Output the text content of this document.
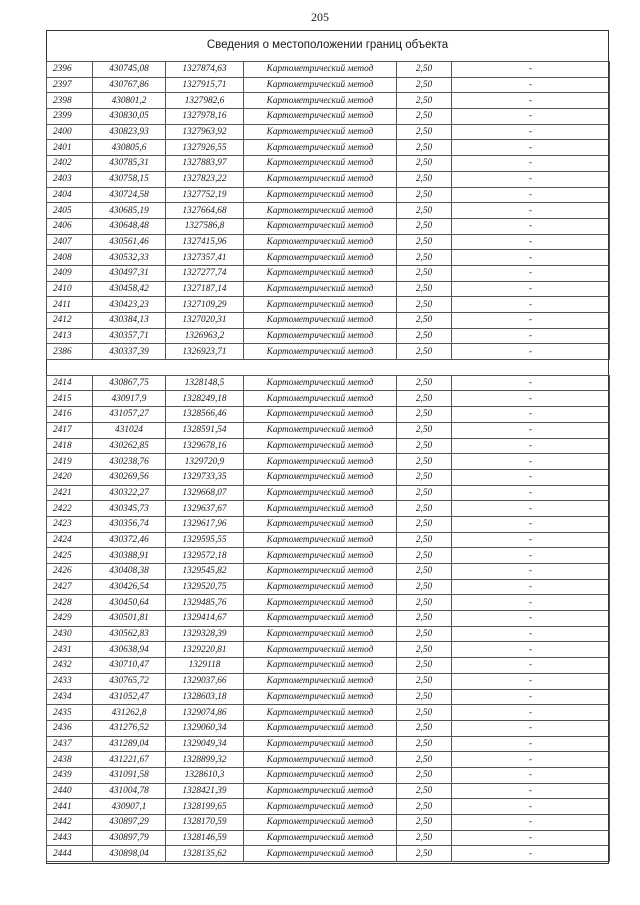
205
Сведения о местоположении границ объекта
2396	430745,08	1327874,63	Картометрический метод	2,50	-
2397	430767,86	1327915,71	Картометрический метод	2,50	-
2398	430801,2	1327982,6	Картометрический метод	2,50	-
2399	430830,05	1327978,16	Картометрический метод	2,50	-
2400	430823,93	1327963,92	Картометрический метод	2,50	-
2401	430805,6	1327926,55	Картометрический метод	2,50	-
2402	430785,31	1327883,97	Картометрический метод	2,50	-
2403	430758,15	1327823,22	Картометрический метод	2,50	-
2404	430724,58	1327752,19	Картометрический метод	2,50	-
2405	430685,19	1327664,68	Картометрический метод	2,50	-
2406	430648,48	1327586,8	Картометрический метод	2,50	-
2407	430561,46	1327415,96	Картометрический метод	2,50	-
2408	430532,33	1327357,41	Картометрический метод	2,50	-
2409	430497,31	1327277,74	Картометрический метод	2,50	-
2410	430458,42	1327187,14	Картометрический метод	2,50	-
2411	430423,23	1327109,29	Картометрический метод	2,50	-
2412	430384,13	1327020,31	Картометрический метод	2,50	-
2413	430357,71	1326963,2	Картометрический метод	2,50	-
2386	430337,39	1326923,71	Картометрический метод	2,50	-

2414	430867,75	1328148,5	Картометрический метод	2,50	-
2415	430917,9	1328249,18	Картометрический метод	2,50	-
2416	431057,27	1328566,46	Картометрический метод	2,50	-
2417	431024	1328591,54	Картометрический метод	2,50	-
2418	430262,85	1329678,16	Картометрический метод	2,50	-
2419	430238,76	1329720,9	Картометрический метод	2,50	-
2420	430269,56	1329733,35	Картометрический метод	2,50	-
2421	430322,27	1329668,07	Картометрический метод	2,50	-
2422	430345,73	1329637,67	Картометрический метод	2,50	-
2423	430356,74	1329617,96	Картометрический метод	2,50	-
2424	430372,46	1329595,55	Картометрический метод	2,50	-
2425	430388,91	1329572,18	Картометрический метод	2,50	-
2426	430408,38	1329545,82	Картометрический метод	2,50	-
2427	430426,54	1329520,75	Картометрический метод	2,50	-
2428	430450,64	1329485,76	Картометрический метод	2,50	-
2429	430501,81	1329414,67	Картометрический метод	2,50	-
2430	430562,83	1329328,39	Картометрический метод	2,50	-
2431	430638,94	1329220,81	Картометрический метод	2,50	-
2432	430710,47	1329118	Картометрический метод	2,50	-
2433	430765,72	1329037,66	Картометрический метод	2,50	-
2434	431052,47	1328603,18	Картометрический метод	2,50	-
2435	431262,8	1329074,86	Картометрический метод	2,50	-
2436	431276,52	1329060,34	Картометрический метод	2,50	-
2437	431289,04	1329049,34	Картометрический метод	2,50	-
2438	431221,67	1328899,32	Картометрический метод	2,50	-
2439	431091,58	1328610,3	Картометрический метод	2,50	-
2440	431004,78	1328421,39	Картометрический метод	2,50	-
2441	430907,1	1328199,65	Картометрический метод	2,50	-
2442	430897,29	1328170,59	Картометрический метод	2,50	-
2443	430897,79	1328146,59	Картометрический метод	2,50	-
2444	430898,04	1328135,62	Картометрический метод	2,50	-
